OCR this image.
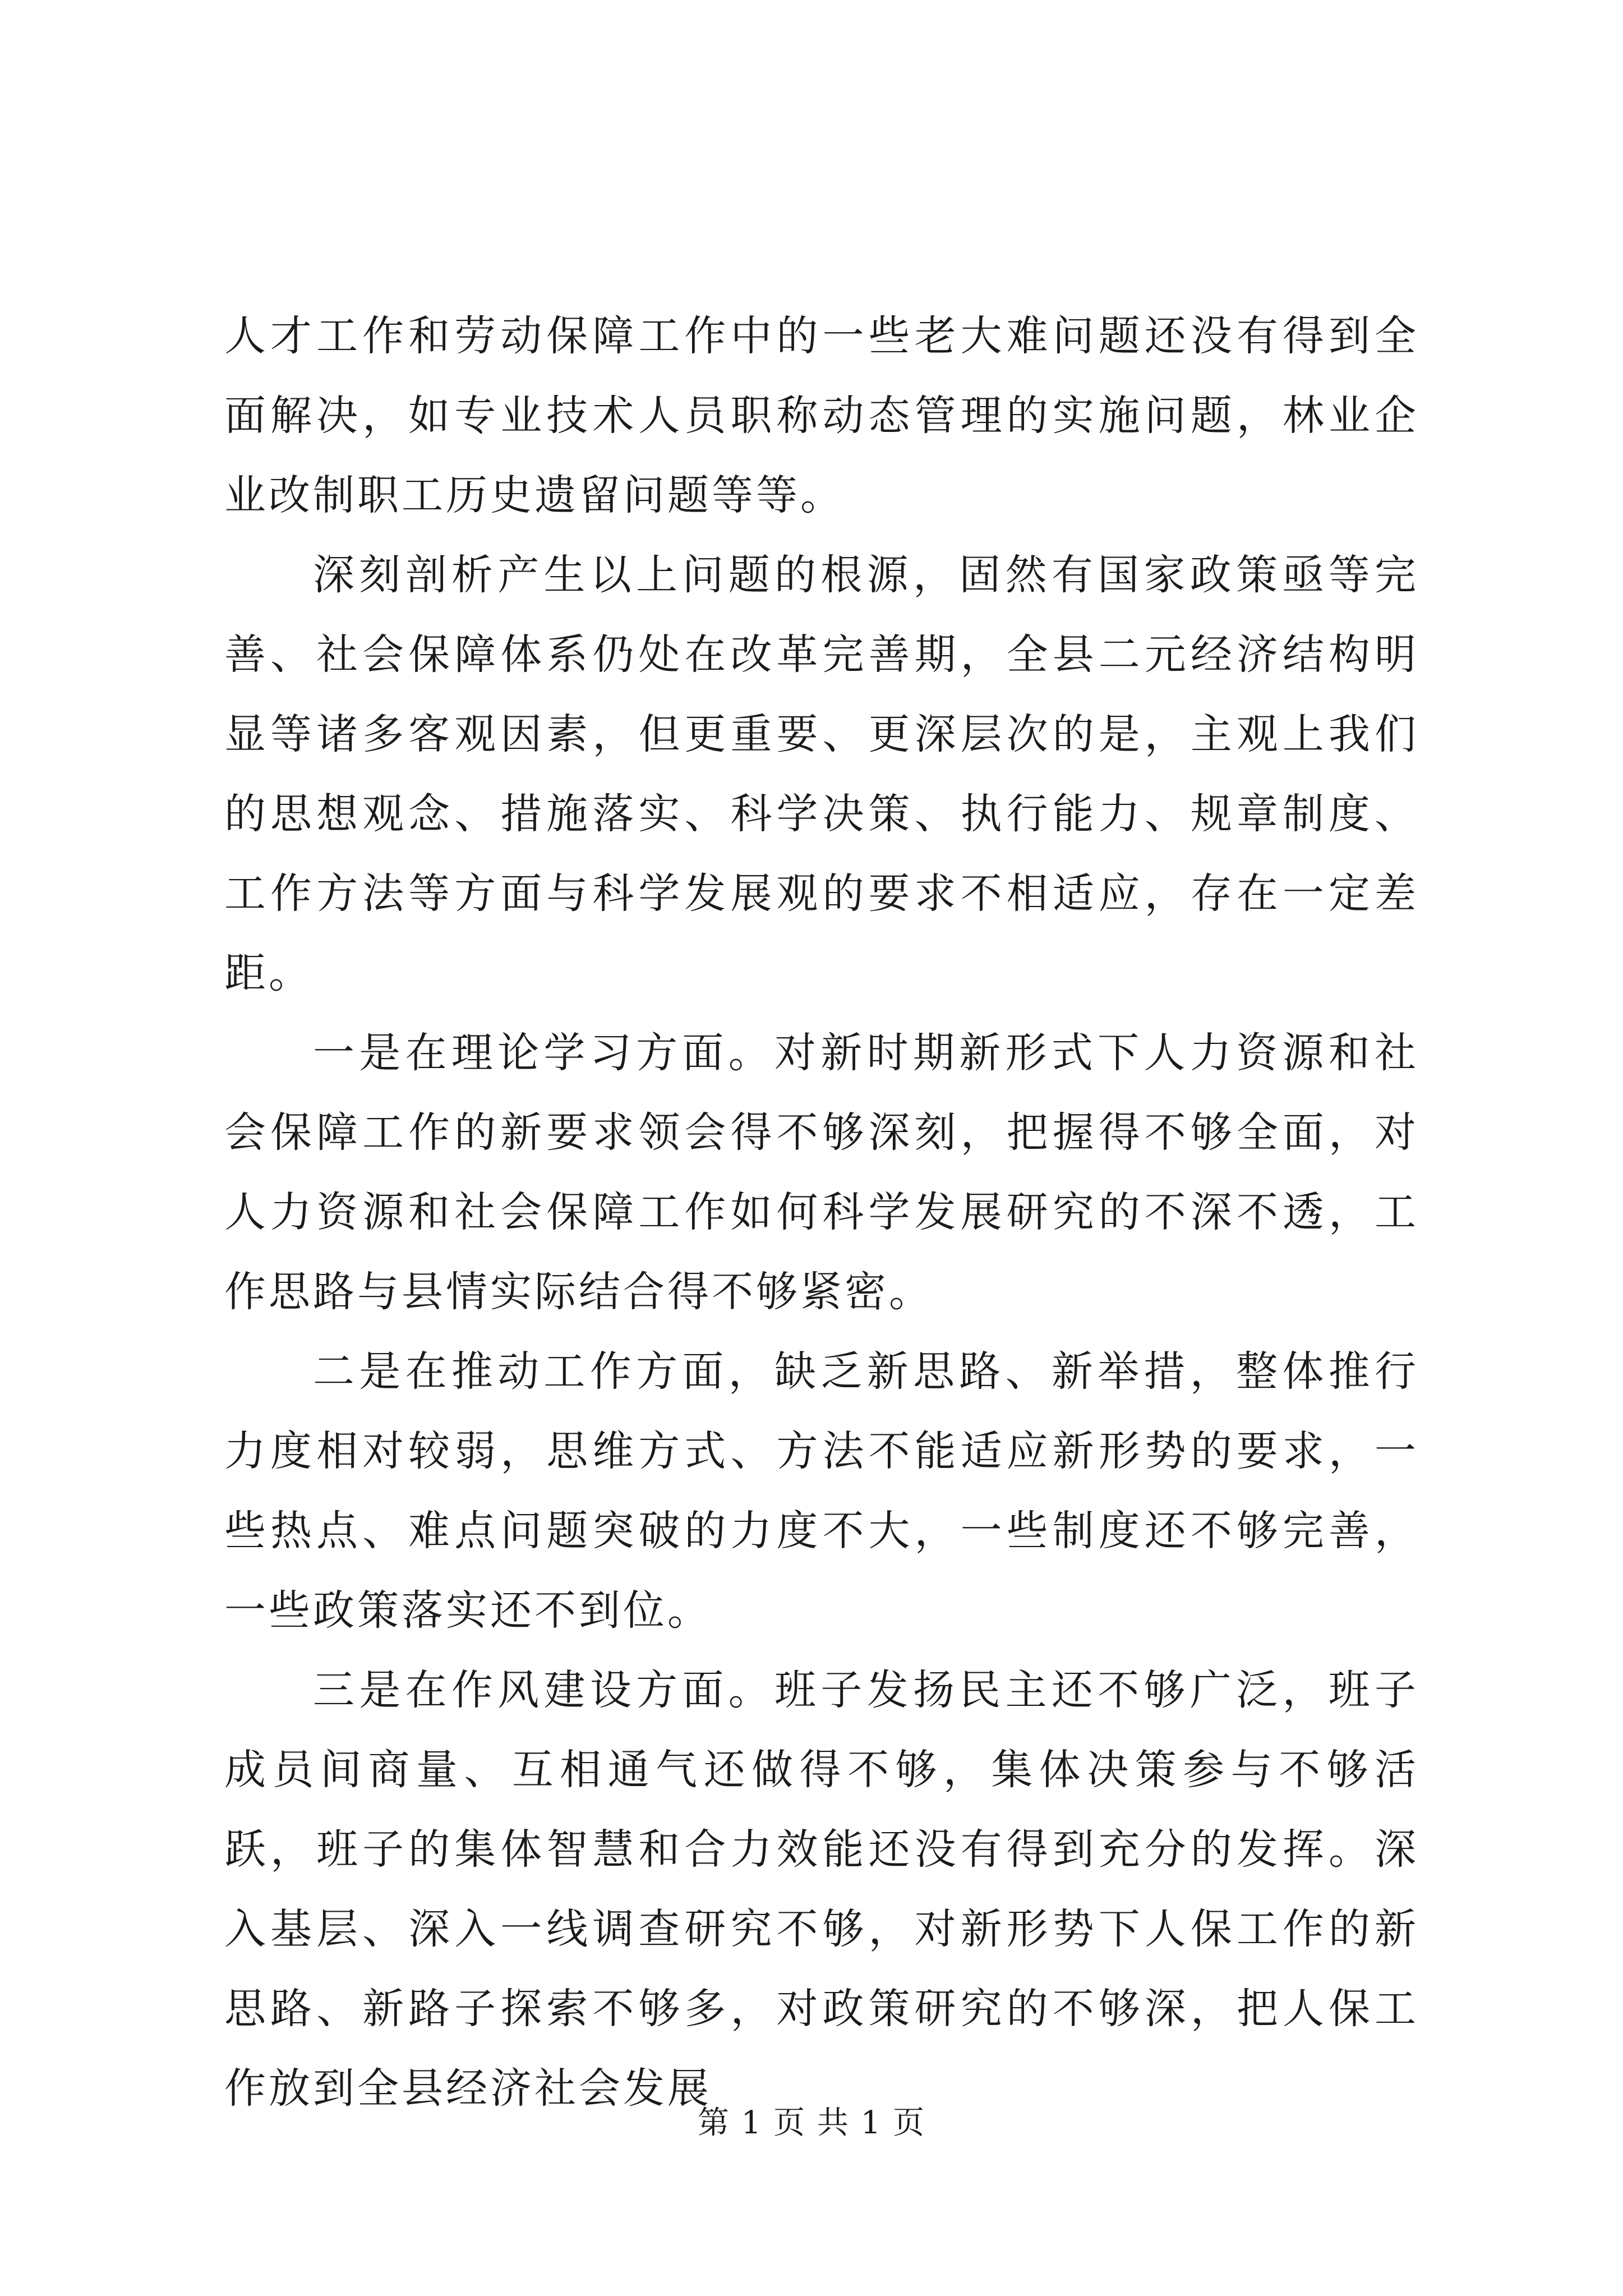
人才工作和劳动保障工作中的一些老大难问题还没有得到全面解决，如专业技术人员职称动态管理的实施问题，林业企业改制职工历史遗留问题等等。

深刻剖析产生以上问题的根源，固然有国家政策亟等完善、社会保障体系仍处在改革完善期，全县二元经济结构明显等诸多客观因素，但更重要、更深层次的是，主观上我们的思想观念、措施落实、科学决策、执行能力、规章制度、工作方法等方面与科学发展观的要求不相适应，存在一定差距。

一是在理论学习方面。对新时期新形式下人力资源和社会保障工作的新要求领会得不够深刻，把握得不够全面，对人力资源和社会保障工作如何科学发展研究的不深不透，工作思路与县情实际结合得不够紧密。

二是在推动工作方面，缺乏新思路、新举措，整体推行力度相对较弱，思维方式、方法不能适应新形势的要求，一些热点、难点问题突破的力度不大，一些制度还不够完善，一些政策落实还不到位。

三是在作风建设方面。班子发扬民主还不够广泛，班子成员间商量、互相通气还做得不够，集体决策参与不够活跃，班子的集体智慧和合力效能还没有得到充分的发挥。深入基层、深入一线调查研究不够，对新形势下人保工作的新思路、新路子探索不够多，对政策研究的不够深，把人保工作放到全县经济社会发展

第 1 页 共 1 页
